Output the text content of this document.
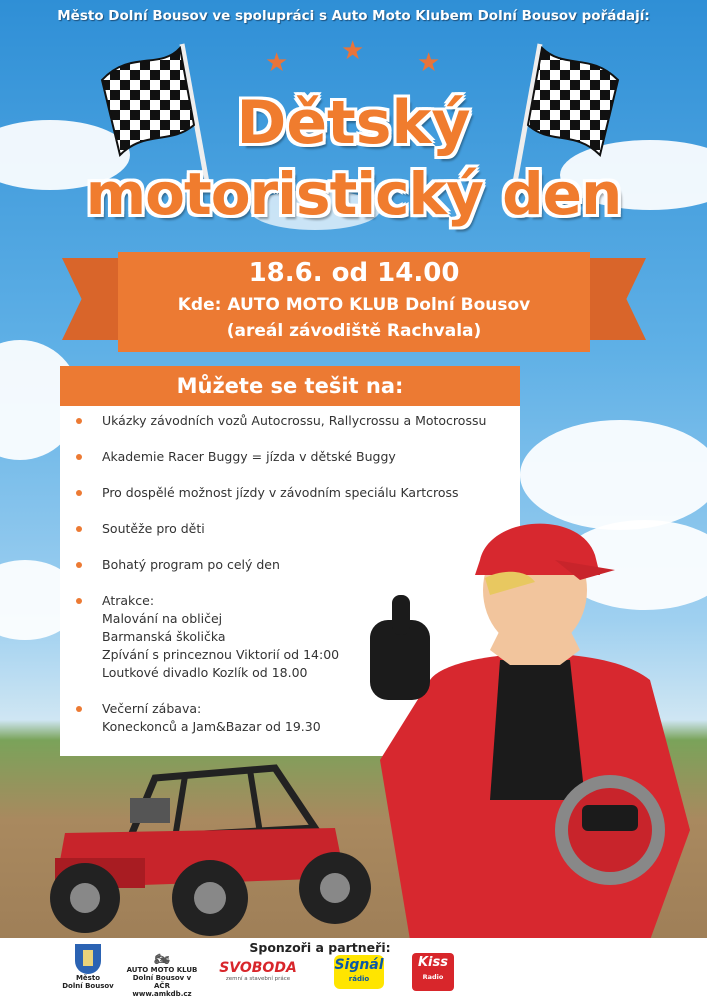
Město Dolní Bousov ve spolupráci s Auto Moto Klubem Dolní Bousov pořádají:
★ ★ ★
Dětský
motoristický den
18.6. od 14.00
Kde: AUTO MOTO KLUB Dolní Bousov
(areál závodiště Rachvala)
Můžete se tešit na:
Ukázky závodních vozů Autocrossu, Rallycrossu a Motocrossu
Akademie Racer Buggy = jízda v dětské Buggy
Pro dospělé možnost jízdy v závodním speciálu Kartcross
Soutěže pro děti
Bohatý program po celý den
Atrakce:
Malování na obličej
Barmanská školička
Zpívání s princeznou Viktorií od 14:00
Loutkové divadlo Kozlík od 18.00
Večerní zábava:
Koneckonců a Jam&Bazar od 19.30
Sponzoři a partneři:
Město
Dolní Bousov
🏍
AUTO MOTO KLUB
Dolní Bousov v AČR
www.amkdb.cz
SVOBODA
zemní a stavební práce
Signál
rádio
Kiss
Radio
